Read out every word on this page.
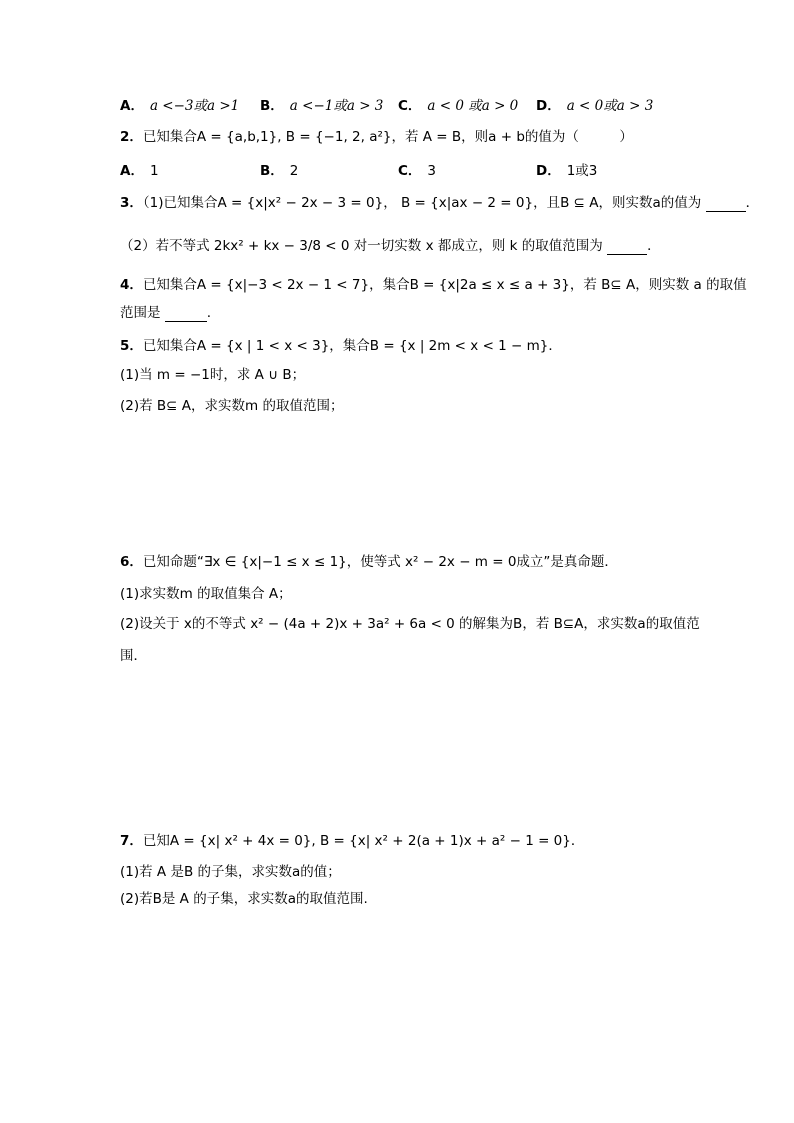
A． a <−3或a >1 B． a <−1或a > 3 C． a < 0 或a > 0 D． a < 0或a > 3
2．已知集合A = {a,b,1}, B = {−1, 2, a²}，若 A = B，则a + b的值为（　　　）
A． 1	B． 2	C． 3	D． 1或3
3．（1)已知集合A = {x|x² − 2x − 3 = 0}， B = {x|ax − 2 = 0}，且B ⊆ A，则实数a的值为	．
（2）若不等式 2kx² + kx − 3/8 < 0 对一切实数 x 都成立，则 k 的取值范围为	．
4．已知集合A = {x|−3 < 2x − 1 < 7}，集合B = {x|2a ≤ x ≤ a + 3}，若 B⊆ A，则实数 a 的取值
范围是	.
5．已知集合A = {x | 1 < x < 3}，集合B = {x | 2m < x < 1 − m}．
(1)当 m = −1时，求 A ∪ B；
(2)若 B⊆ A，求实数m 的取值范围；
6．已知命题“∃x ∈ {x|−1 ≤ x ≤ 1}，使等式 x² − 2x − m = 0成立”是真命题．
(1)求实数m 的取值集合 A；
(2)设关于 x的不等式 x² − (4a + 2)x + 3a² + 6a < 0 的解集为B，若 B⊆A，求实数a的取值范
围．
7．已知A = {x| x² + 4x = 0}, B = {x| x² + 2(a + 1)x + a² − 1 = 0}．
(1)若 A 是B 的子集，求实数a的值；
(2)若B是 A 的子集，求实数a的取值范围.
